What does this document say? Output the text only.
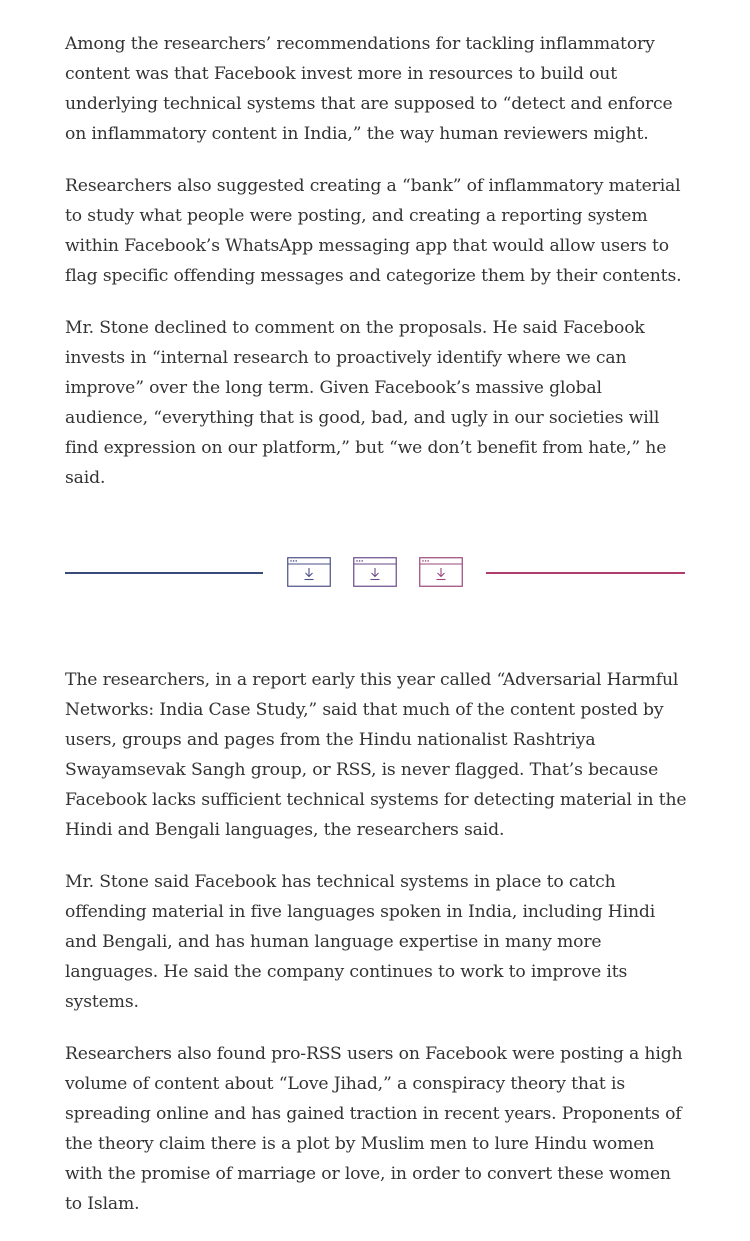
Among the researchers’ recommendations for tackling inflammatory content was that Facebook invest more in resources to build out underlying technical systems that are supposed to “detect and enforce on inflammatory content in India,” the way human reviewers might.

Researchers also suggested creating a “bank” of inflammatory material to study what people were posting, and creating a reporting system within Facebook’s WhatsApp messaging app that would allow users to flag specific offending messages and categorize them by their contents.

Mr. Stone declined to comment on the proposals. He said Facebook invests in “internal research to proactively identify where we can improve” over the long term. Given Facebook’s massive global audience, “everything that is good, bad, and ugly in our societies will find expression on our platform,” but “we don’t benefit from hate,” he said.

The researchers, in a report early this year called “Adversarial Harmful Networks: India Case Study,” said that much of the content posted by users, groups and pages from the Hindu nationalist Rashtriya Swayamsevak Sangh group, or RSS, is never flagged. That’s because Facebook lacks sufficient technical systems for detecting material in the Hindi and Bengali languages, the researchers said.

Mr. Stone said Facebook has technical systems in place to catch offending material in five languages spoken in India, including Hindi and Bengali, and has human language expertise in many more languages. He said the company continues to work to improve its systems.

Researchers also found pro-RSS users on Facebook were posting a high volume of content about “Love Jihad,” a conspiracy theory that is spreading online and has gained traction in recent years. Proponents of the theory claim there is a plot by Muslim men to lure Hindu women with the promise of marriage or love, in order to convert these women to Islam.
